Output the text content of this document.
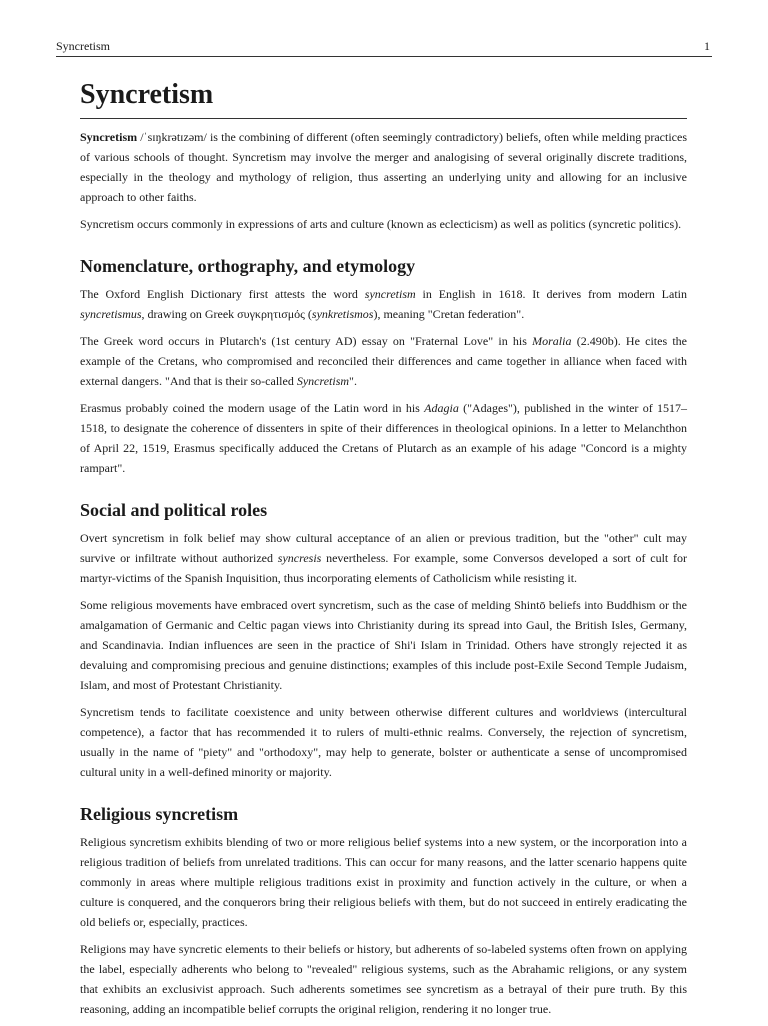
Syncretism	1
Syncretism

Syncretism /ˈsɪŋkrətɪzəm/ is the combining of different (often seemingly contradictory) beliefs, often while melding practices of various schools of thought. Syncretism may involve the merger and analogising of several originally discrete traditions, especially in the theology and mythology of religion, thus asserting an underlying unity and allowing for an inclusive approach to other faiths.

Syncretism occurs commonly in expressions of arts and culture (known as eclecticism) as well as politics (syncretic politics).

Nomenclature, orthography, and etymology

The Oxford English Dictionary first attests the word syncretism in English in 1618. It derives from modern Latin syncretismus, drawing on Greek συγκρητισμός (synkretismos), meaning "Cretan federation".

The Greek word occurs in Plutarch's (1st century AD) essay on "Fraternal Love" in his Moralia (2.490b). He cites the example of the Cretans, who compromised and reconciled their differences and came together in alliance when faced with external dangers. "And that is their so-called Syncretism".

Erasmus probably coined the modern usage of the Latin word in his Adagia ("Adages"), published in the winter of 1517–1518, to designate the coherence of dissenters in spite of their differences in theological opinions. In a letter to Melanchthon of April 22, 1519, Erasmus specifically adduced the Cretans of Plutarch as an example of his adage "Concord is a mighty rampart".

Social and political roles

Overt syncretism in folk belief may show cultural acceptance of an alien or previous tradition, but the "other" cult may survive or infiltrate without authorized syncresis nevertheless. For example, some Conversos developed a sort of cult for martyr-victims of the Spanish Inquisition, thus incorporating elements of Catholicism while resisting it.

Some religious movements have embraced overt syncretism, such as the case of melding Shintō beliefs into Buddhism or the amalgamation of Germanic and Celtic pagan views into Christianity during its spread into Gaul, the British Isles, Germany, and Scandinavia. Indian influences are seen in the practice of Shi'i Islam in Trinidad. Others have strongly rejected it as devaluing and compromising precious and genuine distinctions; examples of this include post-Exile Second Temple Judaism, Islam, and most of Protestant Christianity.

Syncretism tends to facilitate coexistence and unity between otherwise different cultures and worldviews (intercultural competence), a factor that has recommended it to rulers of multi-ethnic realms. Conversely, the rejection of syncretism, usually in the name of "piety" and "orthodoxy", may help to generate, bolster or authenticate a sense of uncompromised cultural unity in a well-defined minority or majority.

Religious syncretism

Religious syncretism exhibits blending of two or more religious belief systems into a new system, or the incorporation into a religious tradition of beliefs from unrelated traditions. This can occur for many reasons, and the latter scenario happens quite commonly in areas where multiple religious traditions exist in proximity and function actively in the culture, or when a culture is conquered, and the conquerors bring their religious beliefs with them, but do not succeed in entirely eradicating the old beliefs or, especially, practices.

Religions may have syncretic elements to their beliefs or history, but adherents of so-labeled systems often frown on applying the label, especially adherents who belong to "revealed" religious systems, such as the Abrahamic religions, or any system that exhibits an exclusivist approach. Such adherents sometimes see syncretism as a betrayal of their pure truth. By this reasoning, adding an incompatible belief corrupts the original religion, rendering it no longer true.
